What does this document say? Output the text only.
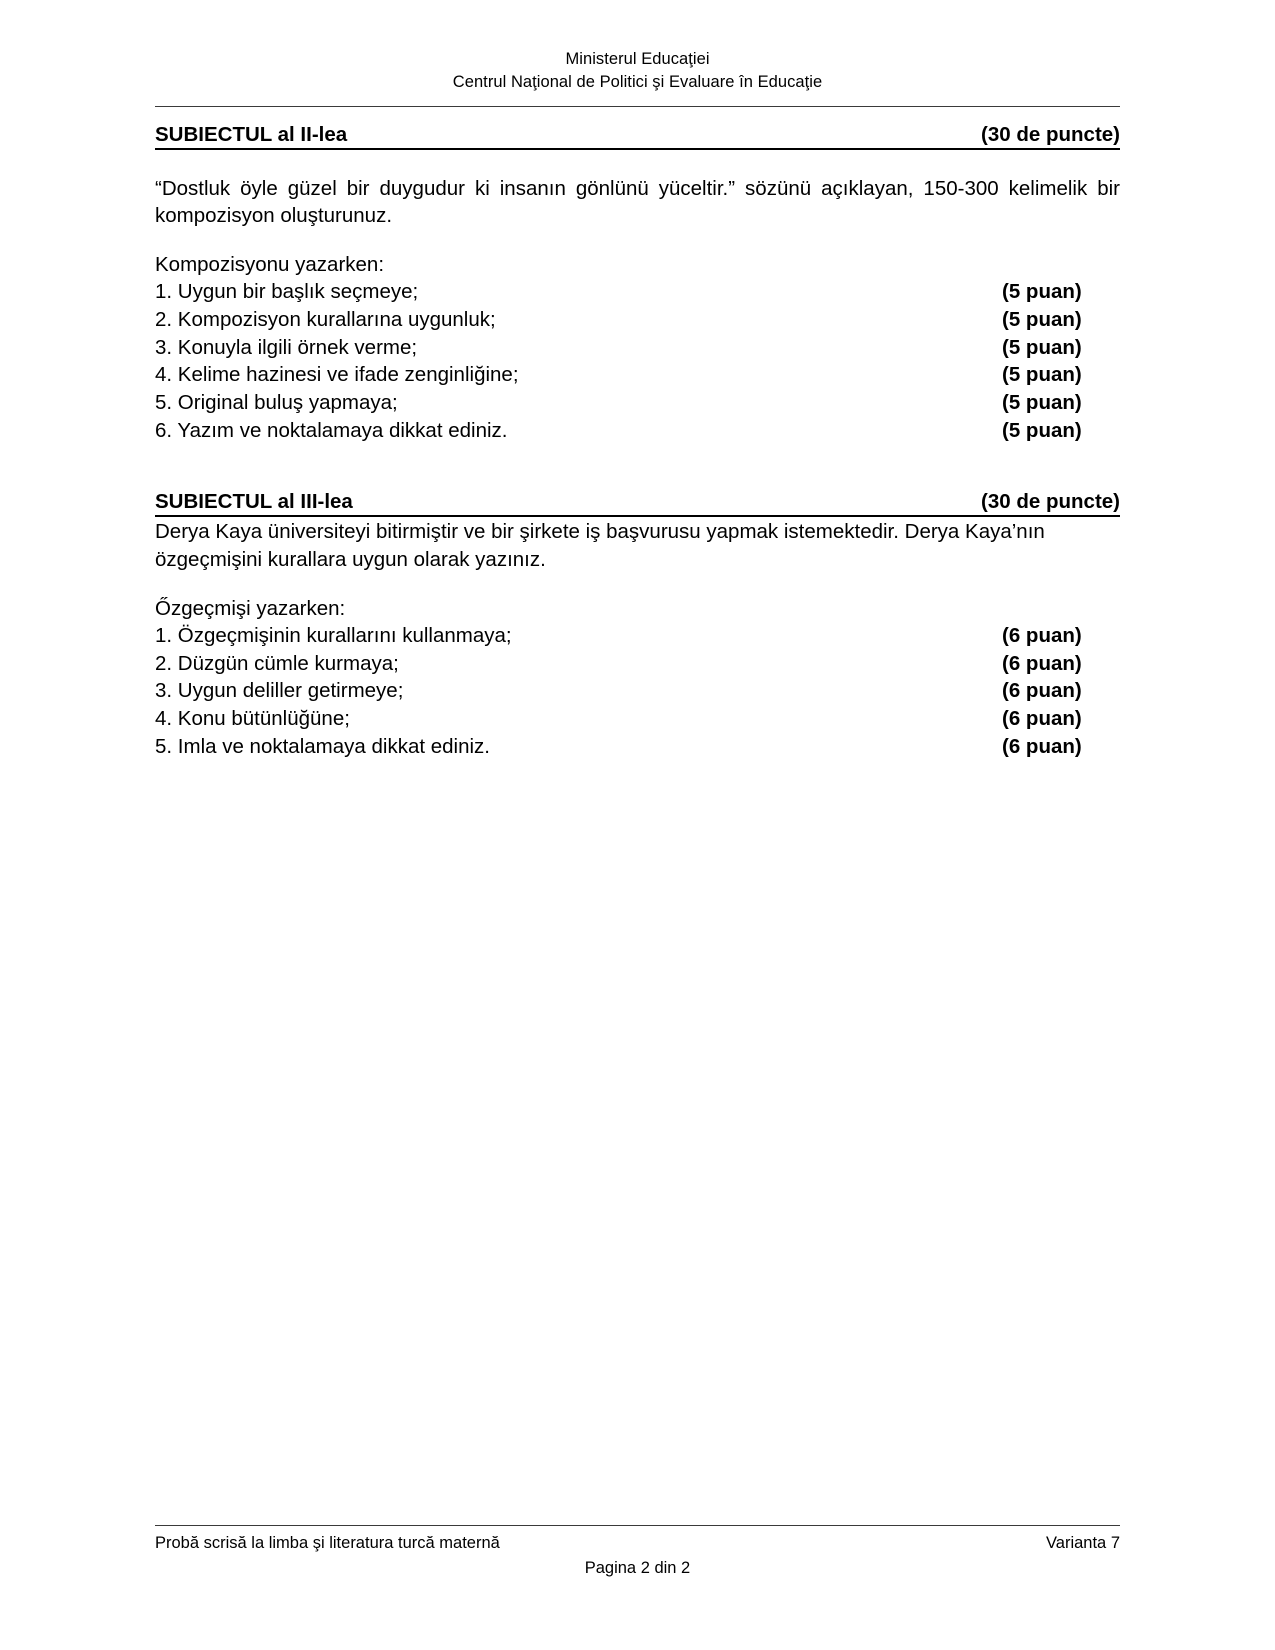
Ministerul Educaţiei
Centrul Naţional de Politici şi Evaluare în Educaţie
SUBIECTUL al II-lea	(30 de puncte)

“Dostluk öyle güzel bir duygudur ki insanın gönlünü yüceltir.” sözünü açıklayan, 150-300 kelimelik bir kompozisyon oluşturunuz.

Kompozisyonu yazarken:

1. Uygun bir başlık seçmeye;	(5 puan)
2. Kompozisyon kurallarına uygunluk;	(5 puan)
3. Konuyla ilgili örnek verme;	(5 puan)
4. Kelime hazinesi ve ifade zenginliğine;	(5 puan)
5. Original buluş yapmaya;	(5 puan)
6. Yazım ve noktalamaya dikkat ediniz.	(5 puan)
SUBIECTUL al III-lea	(30 de puncte)

Derya Kaya üniversiteyi bitirmiştir ve bir şirkete iş başvurusu yapmak istemektedir. Derya Kaya’nın özgeçmişini kurallara uygun olarak yazınız.

Őzgeçmişi yazarken:

1. Özgeçmişinin kurallarını kullanmaya;	(6 puan)
2. Düzgün cümle kurmaya;	(6 puan)
3. Uygun deliller getirmeye;	(6 puan)
4. Konu bütünlüğüne;	(6 puan)
5. Imla ve noktalamaya dikkat ediniz.	(6 puan)
Probă scrisă la limba şi literatura turcă maternă	Varianta 7
Pagina 2 din 2
